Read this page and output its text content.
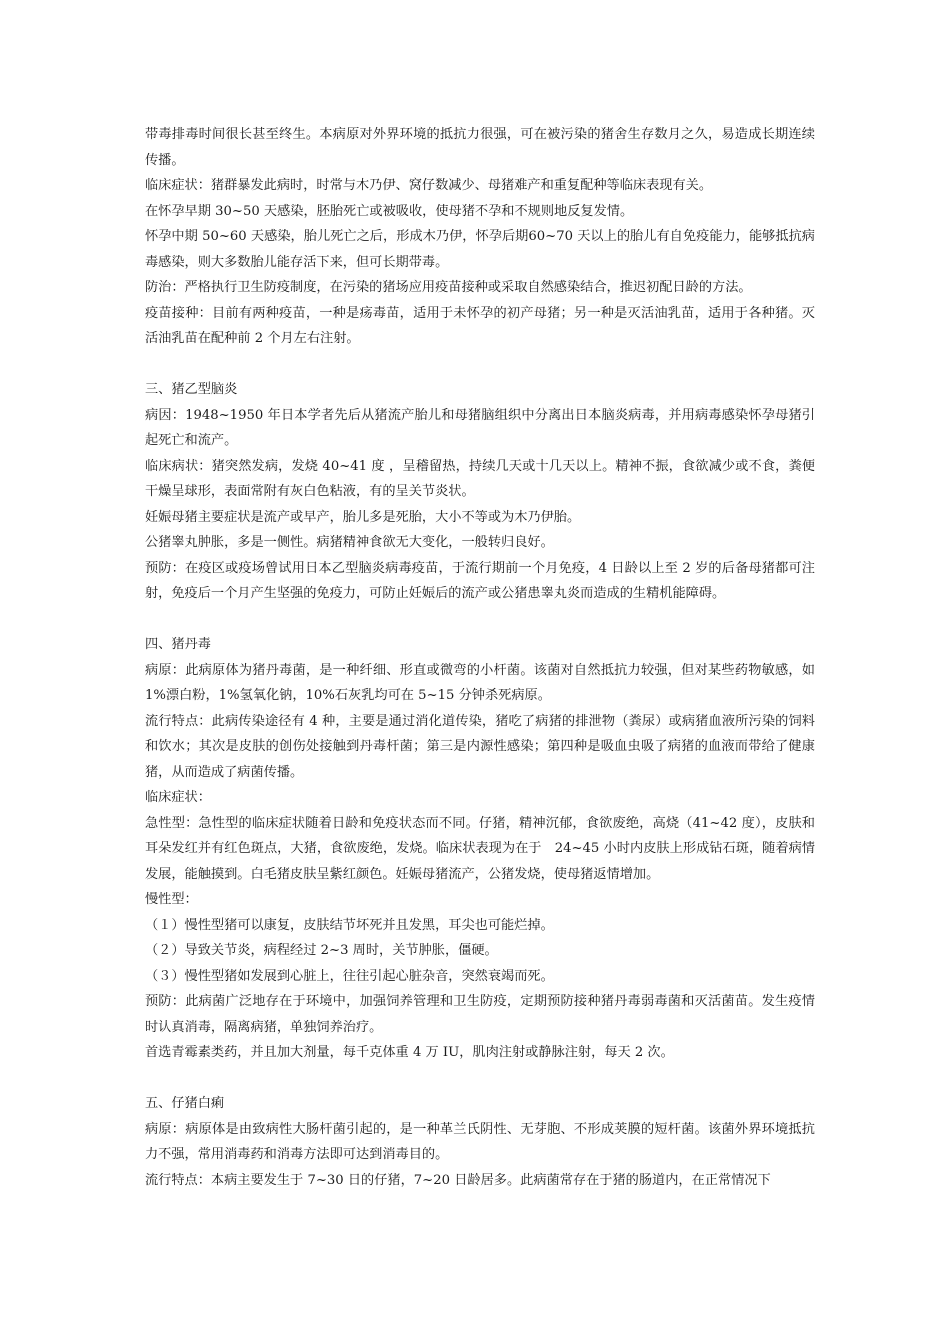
带毒排毒时间很长甚至终生。本病原对外界环境的抵抗力很强，可在被污染的猪舍生存数月之久，易造成长期连续传播。

临床症状：猪群暴发此病时，时常与木乃伊、窝仔数减少、母猪难产和重复配种等临床表现有关。

在怀孕早期 30~50 天感染，胚胎死亡或被吸收，使母猪不孕和不规则地反复发情。

怀孕中期 50~60 天感染，胎儿死亡之后，形成木乃伊，怀孕后期60~70 天以上的胎儿有自免疫能力，能够抵抗病毒感染，则大多数胎儿能存活下来，但可长期带毒。

防治：严格执行卫生防疫制度，在污染的猪场应用疫苗接种或采取自然感染结合，推迟初配日龄的方法。

疫苗接种：目前有两种疫苗，一种是疡毒苗，适用于未怀孕的初产母猪；另一种是灭活油乳苗，适用于各种猪。灭活油乳苗在配种前 2 个月左右注射。

三、猪乙型脑炎

病因：1948~1950 年日本学者先后从猪流产胎儿和母猪脑组织中分离出日本脑炎病毒，并用病毒感染怀孕母猪引起死亡和流产。

临床病状：猪突然发病，发烧 40~41 度 ，呈稽留热，持续几天或十几天以上。精神不振，食欲减少或不食，粪便干燥呈球形，表面常附有灰白色粘液，有的呈关节炎状。

妊娠母猪主要症状是流产或早产，胎儿多是死胎，大小不等或为木乃伊胎。

公猪睾丸肿胀，多是一侧性。病猪精神食欲无大变化，一般转归良好。

预防：在疫区或疫场曾试用日本乙型脑炎病毒疫苗，于流行期前一个月免疫，4 日龄以上至 2 岁的后备母猪都可注射，免疫后一个月产生坚强的免疫力，可防止妊娠后的流产或公猪患睾丸炎而造成的生精机能障碍。

四、猪丹毒

病原：此病原体为猪丹毒菌，是一种纤细、形直或微弯的小杆菌。该菌对自然抵抗力较强，但对某些药物敏感，如 1%漂白粉，1%氢氧化钠，10%石灰乳均可在 5~15 分钟杀死病原。

流行特点：此病传染途径有 4 种，主要是通过消化道传染，猪吃了病猪的排泄物（粪尿）或病猪血液所污染的饲料和饮水；其次是皮肤的创伤处接触到丹毒杆菌；第三是内源性感染；第四种是吸血虫吸了病猪的血液而带给了健康猪，从而造成了病菌传播。

临床症状：

急性型：急性型的临床症状随着日龄和免疫状态而不同。仔猪，精神沉郁，食欲废绝，高烧（41~42 度），皮肤和耳朵发红并有红色斑点，大猪，食欲废绝，发烧。临床状表现为在于　24~45 小时内皮肤上形成钻石斑，随着病情发展，能触摸到。白毛猪皮肤呈紫红颜色。妊娠母猪流产，公猪发烧，使母猪返情增加。

慢性型：

（１）慢性型猪可以康复，皮肤结节坏死并且发黑，耳尖也可能烂掉。

（２）导致关节炎，病程经过 2~3 周时，关节肿胀，僵硬。

（３）慢性型猪如发展到心脏上，往往引起心脏杂音，突然衰竭而死。

预防：此病菌广泛地存在于环境中，加强饲养管理和卫生防疫，定期预防接种猪丹毒弱毒菌和灭活菌苗。发生疫情时认真消毒，隔离病猪，单独饲养治疗。

首选青霉素类药，并且加大剂量，每千克体重 4 万 IU，肌肉注射或静脉注射，每天 2 次。

五、仔猪白痢

病原：病原体是由致病性大肠杆菌引起的，是一种革兰氏阴性、无芽胞、不形成荚膜的短杆菌。该菌外界环境抵抗力不强，常用消毒药和消毒方法即可达到消毒目的。

流行特点：本病主要发生于 7~30 日的仔猪，7~20 日龄居多。此病菌常存在于猪的肠道内，在正常情况下
